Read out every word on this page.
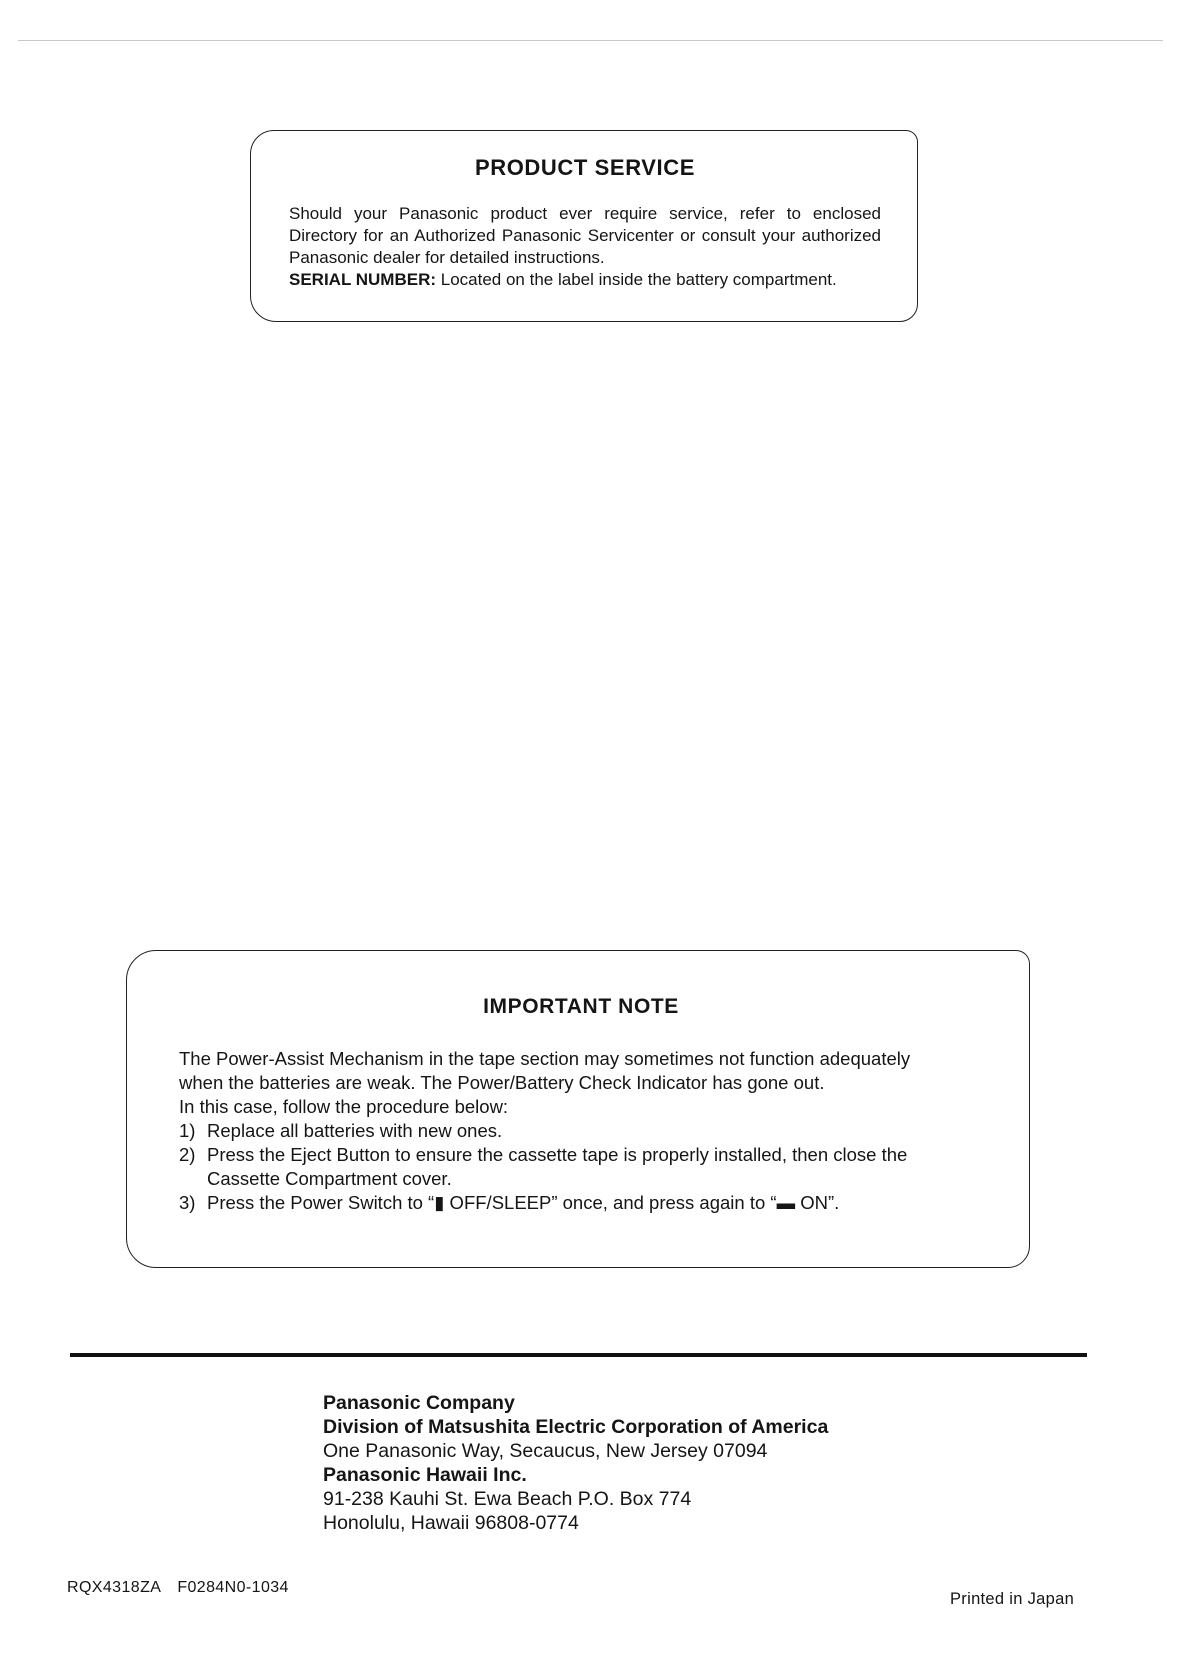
PRODUCT SERVICE
Should your Panasonic product ever require service, refer to enclosed Directory for an Authorized Panasonic Servicenter or consult your authorized Panasonic dealer for detailed instructions.
SERIAL NUMBER: Located on the label inside the battery compartment.
IMPORTANT NOTE
The Power-Assist Mechanism in the tape section may sometimes not function adequately
when the batteries are weak. The Power/Battery Check Indicator has gone out.
In this case, follow the procedure below:
1) Replace all batteries with new ones.
2) Press the Eject Button to ensure the cassette tape is properly installed, then close the Cassette Compartment cover.
3) Press the Power Switch to “▮ OFF/SLEEP” once, and press again to “▬ ON”.
Panasonic Company
Division of Matsushita Electric Corporation of America
One Panasonic Way, Secaucus, New Jersey 07094
Panasonic Hawaii Inc.
91-238 Kauhi St. Ewa Beach P.O. Box 774
Honolulu, Hawaii 96808-0774
RQX4318ZA F0284N0-1034
Printed in Japan
